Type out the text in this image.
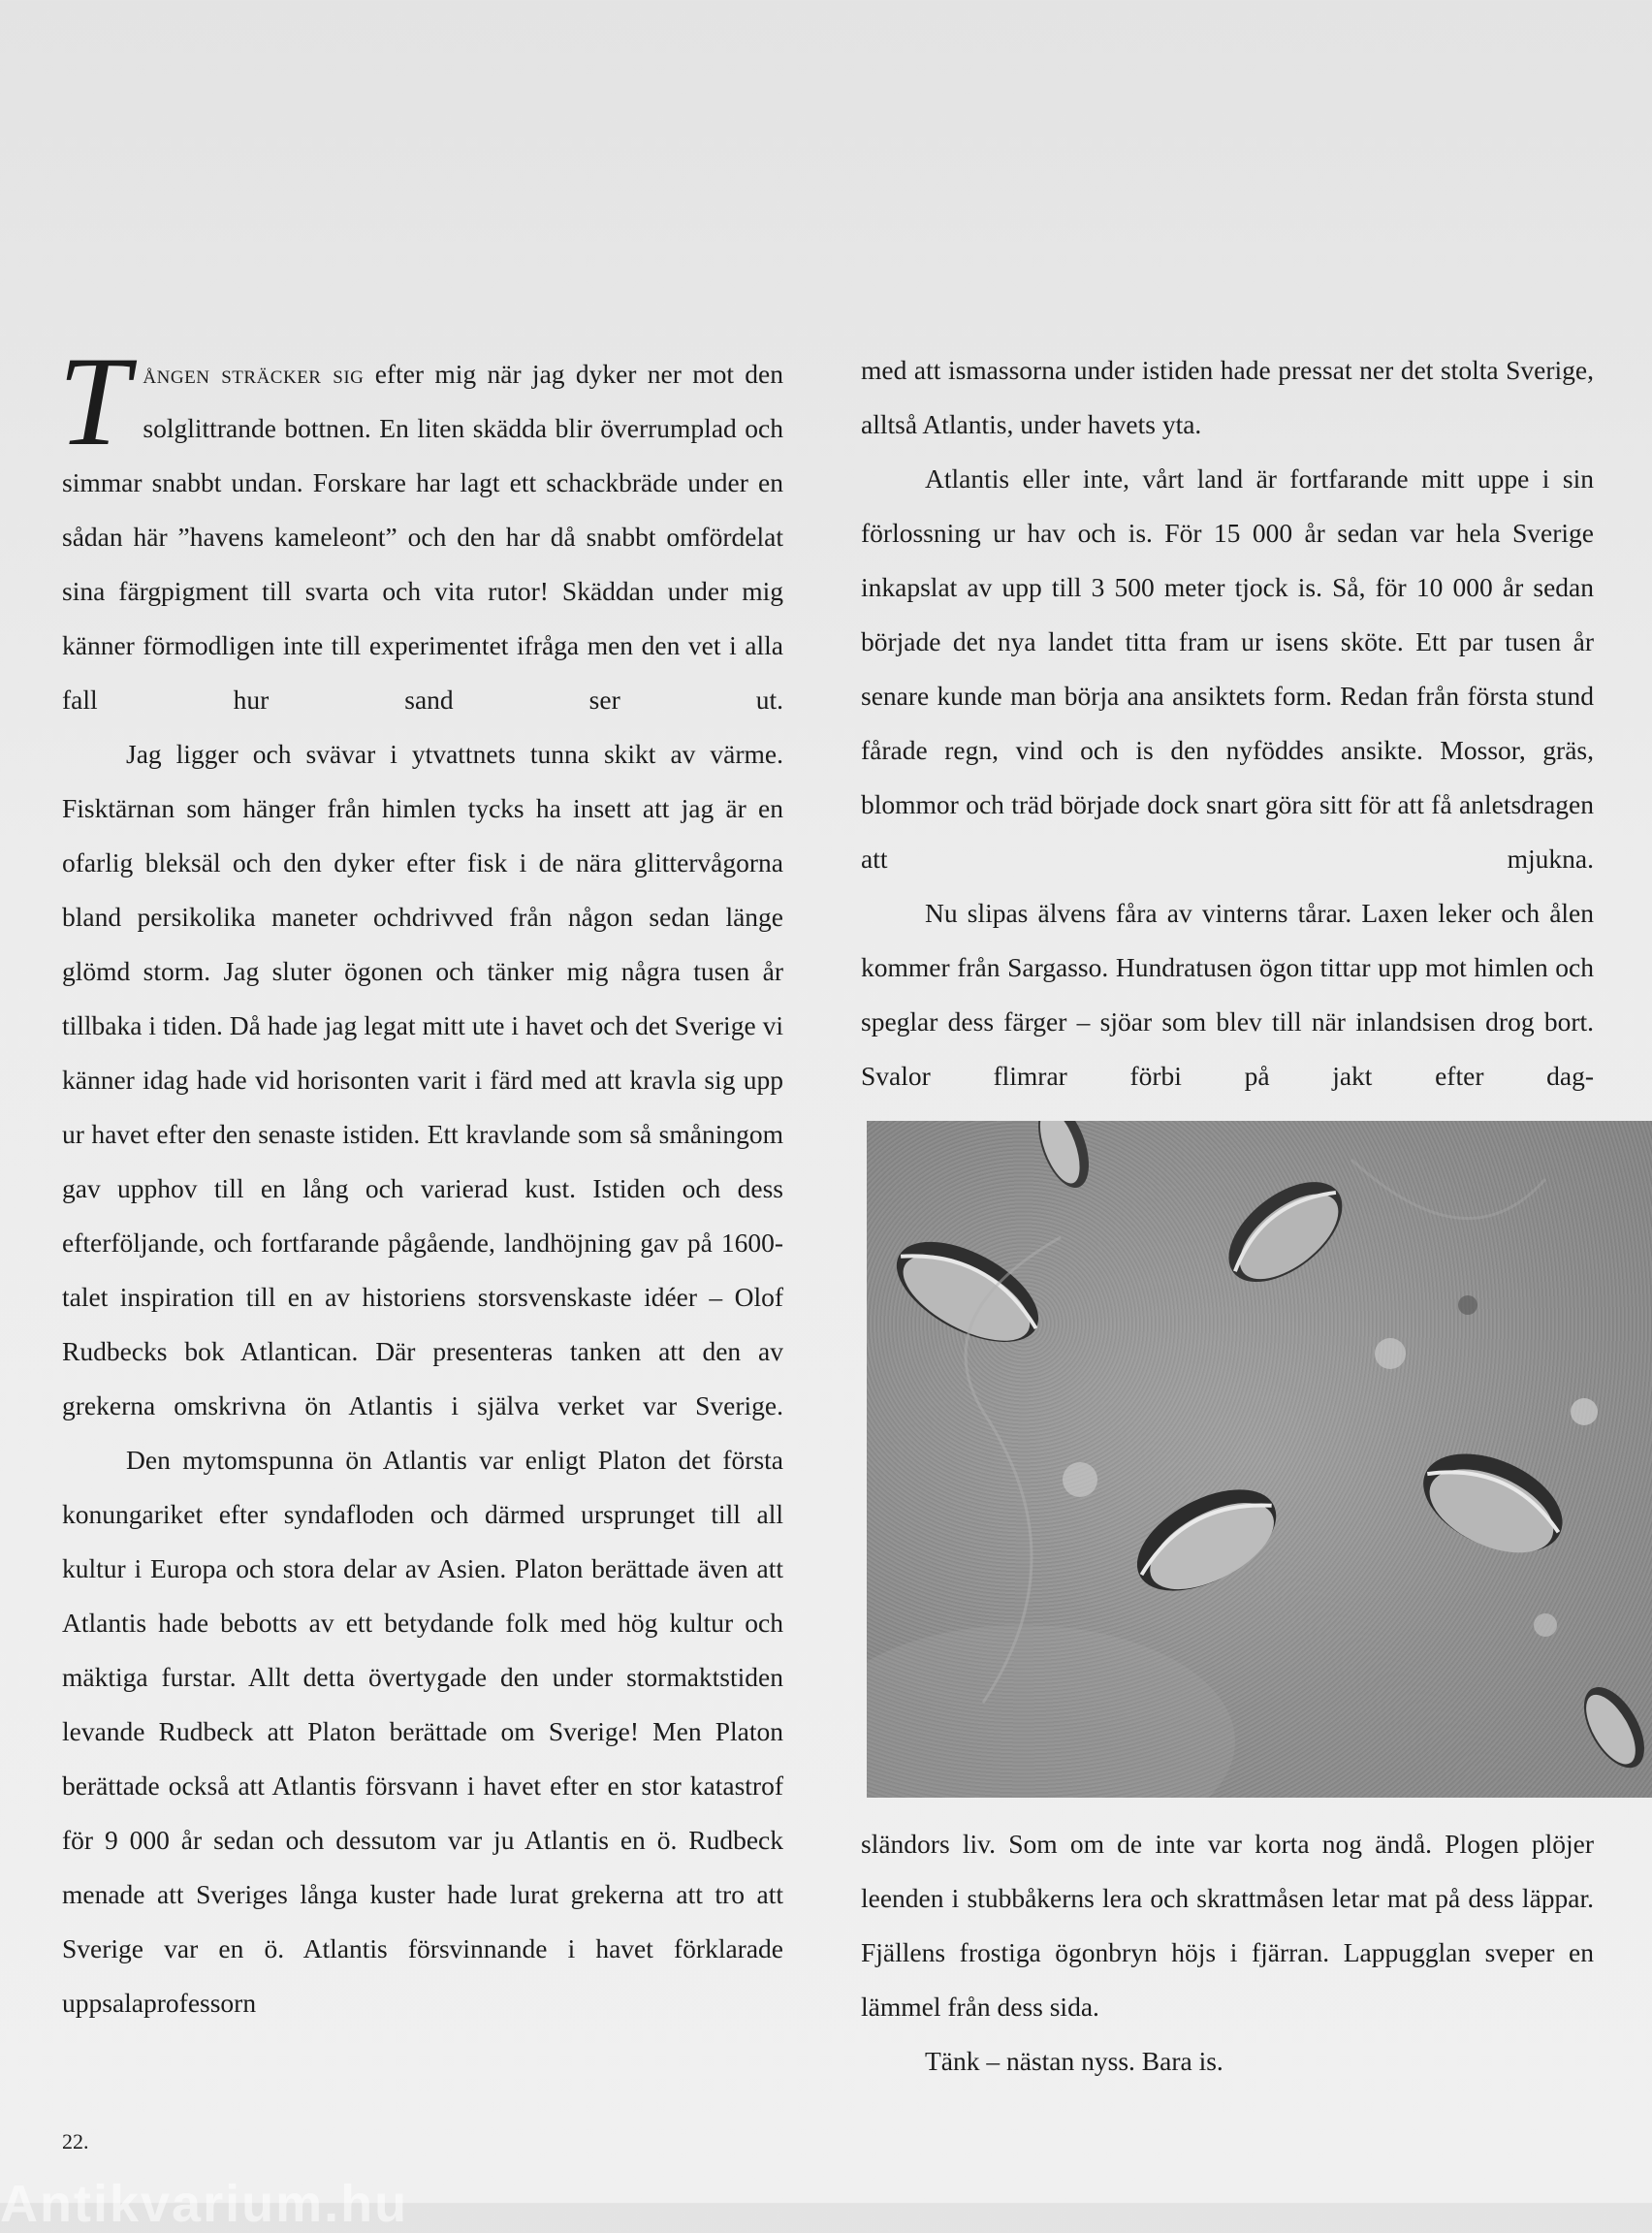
Tången sträcker sig efter mig när jag dyker ner mot den solglittrande bottnen. En liten skädda blir överrumplad och simmar snabbt undan. Forskare har lagt ett schackbräde under en sådan här ”havens kameleont” och den har då snabbt omfördelat sina färgpigment till svarta och vita rutor! Skäddan under mig känner förmodligen inte till experimentet ifråga men den vet i alla fall hur sand ser ut.

Jag ligger och svävar i ytvattnets tunna skikt av värme. Fisktärnan som hänger från himlen tycks ha insett att jag är en ofarlig bleksäl och den dyker efter fisk i de nära glittervågorna bland persikolika maneter ochdrivved från någon sedan länge glömd storm. Jag sluter ögonen och tänker mig några tusen år tillbaka i tiden. Då hade jag legat mitt ute i havet och det Sverige vi känner idag hade vid horisonten varit i färd med att kravla sig upp ur havet efter den senaste istiden. Ett kravlande som så småningom gav upphov till en lång och varierad kust. Istiden och dess efterföljande, och fortfarande pågående, landhöjning gav på 1600-talet inspiration till en av historiens storsvenskaste idéer – Olof Rudbecks bok Atlantican. Där presenteras tanken att den av grekerna omskrivna ön Atlantis i själva verket var Sverige.

Den mytomspunna ön Atlantis var enligt Platon det första konungariket efter syndafloden och därmed ursprunget till all kultur i Europa och stora delar av Asien. Platon berättade även att Atlantis hade bebotts av ett betydande folk med hög kultur och mäktiga furstar. Allt detta övertygade den under stormaktstiden levande Rudbeck att Platon berättade om Sverige! Men Platon berättade också att Atlantis försvann i havet efter en stor katastrof för 9 000 år sedan och dessutom var ju Atlantis en ö. Rudbeck menade att Sveriges långa kuster hade lurat grekerna att tro att Sverige var en ö. Atlantis försvinnande i havet förklarade uppsalaprofessorn

med att ismassorna under istiden hade pressat ner det stolta Sverige, alltså Atlantis, under havets yta.

Atlantis eller inte, vårt land är fortfarande mitt uppe i sin förlossning ur hav och is. För 15 000 år sedan var hela Sverige inkapslat av upp till 3 500 meter tjock is. Så, för 10 000 år sedan började det nya landet titta fram ur isens sköte. Ett par tusen år senare kunde man börja ana ansiktets form. Redan från första stund fårade regn, vind och is den nyföddes ansikte. Mossor, gräs, blommor och träd började dock snart göra sitt för att få anletsdragen att mjukna.

Nu slipas älvens fåra av vinterns tårar. Laxen leker och ålen kommer från Sargasso. Hundratusen ögon tittar upp mot himlen och speglar dess färger – sjöar som blev till när inlandsisen drog bort. Svalor flimrar förbi på jakt efter dag-

sländors liv. Som om de inte var korta nog ändå. Plogen plöjer leenden i stubbåkerns lera och skrattmåsen letar mat på dess läppar. Fjällens frostiga ögonbryn höjs i fjärran. Lappugglan sveper en lämmel från dess sida.

Tänk – nästan nyss. Bara is.

22.
Antikvarium.hu
